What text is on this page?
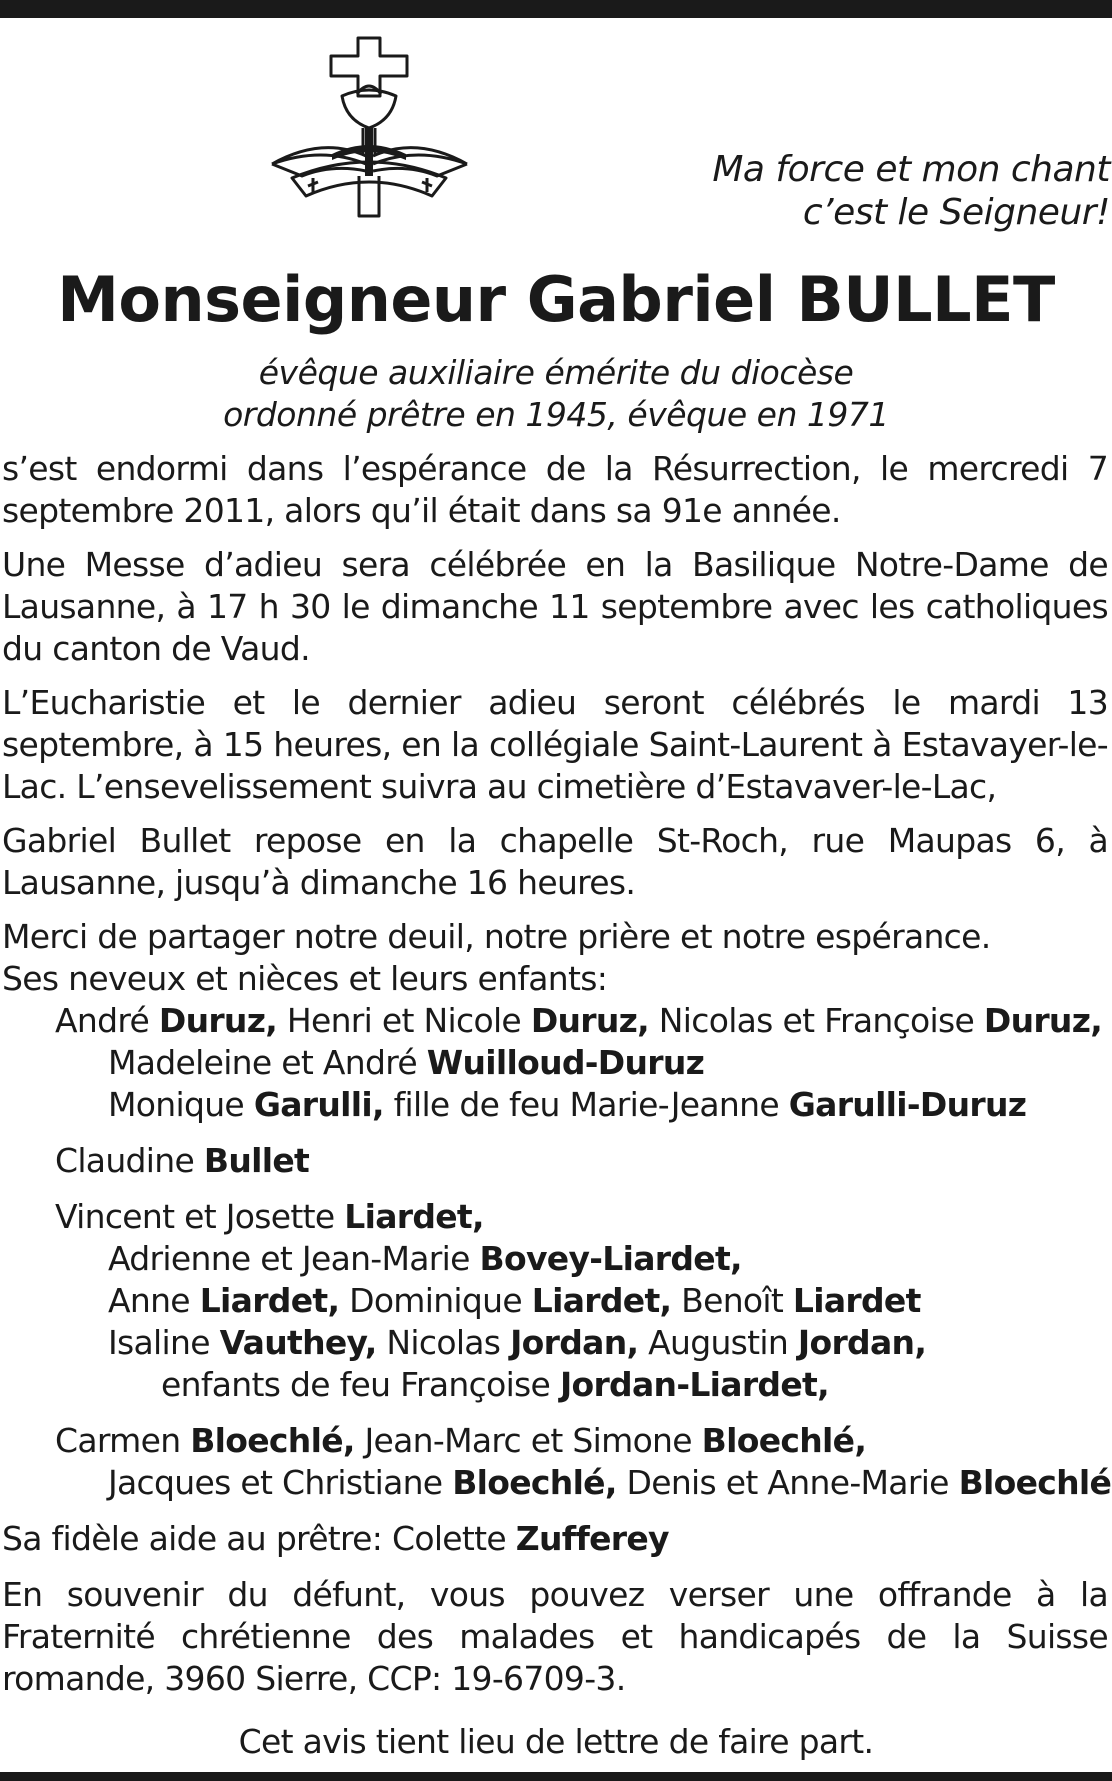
Ma force et mon chant
c’est le Seigneur!
Monseigneur Gabriel BULLET
évêque auxiliaire émérite du diocèse
ordonné prêtre en 1945, évêque en 1971
s’est endormi dans l’espérance de la Résurrection, le mercredi 7 septembre 2011, alors qu’il était dans sa 91e année.
Une Messe d’adieu sera célébrée en la Basilique Notre-Dame de Lausanne, à 17 h 30 le dimanche 11 septembre avec les catholiques du canton de Vaud.
L’Eucharistie et le dernier adieu seront célébrés le mardi 13 septembre, à 15 heures, en la collégiale Saint-Laurent à Estavayer-le-Lac. L’ensevelissement suivra au cimetière d’Estavaver-le-Lac,
Gabriel Bullet repose en la chapelle St-Roch, rue Maupas 6, à Lausanne, jusqu’à dimanche 16 heures.
Merci de partager notre deuil, notre prière et notre espérance.
Ses neveux et nièces et leurs enfants:
André Duruz, Henri et Nicole Duruz, Nicolas et Françoise Duruz,
Madeleine et André Wuilloud-Duruz
Monique Garulli, fille de feu Marie-Jeanne Garulli-Duruz
Claudine Bullet
Vincent et Josette Liardet,
Adrienne et Jean-Marie Bovey-Liardet,
Anne Liardet, Dominique Liardet, Benoît Liardet
Isaline Vauthey, Nicolas Jordan, Augustin Jordan,
enfants de feu Françoise Jordan-Liardet,
Carmen Bloechlé, Jean-Marc et Simone Bloechlé,
Jacques et Christiane Bloechlé, Denis et Anne-Marie Bloechlé
Sa fidèle aide au prêtre: Colette Zufferey
En souvenir du défunt, vous pouvez verser une offrande à la Fraternité chrétienne des malades et handicapés de la Suisse romande, 3960 Sierre, CCP: 19-6709-3.
Cet avis tient lieu de lettre de faire part.
